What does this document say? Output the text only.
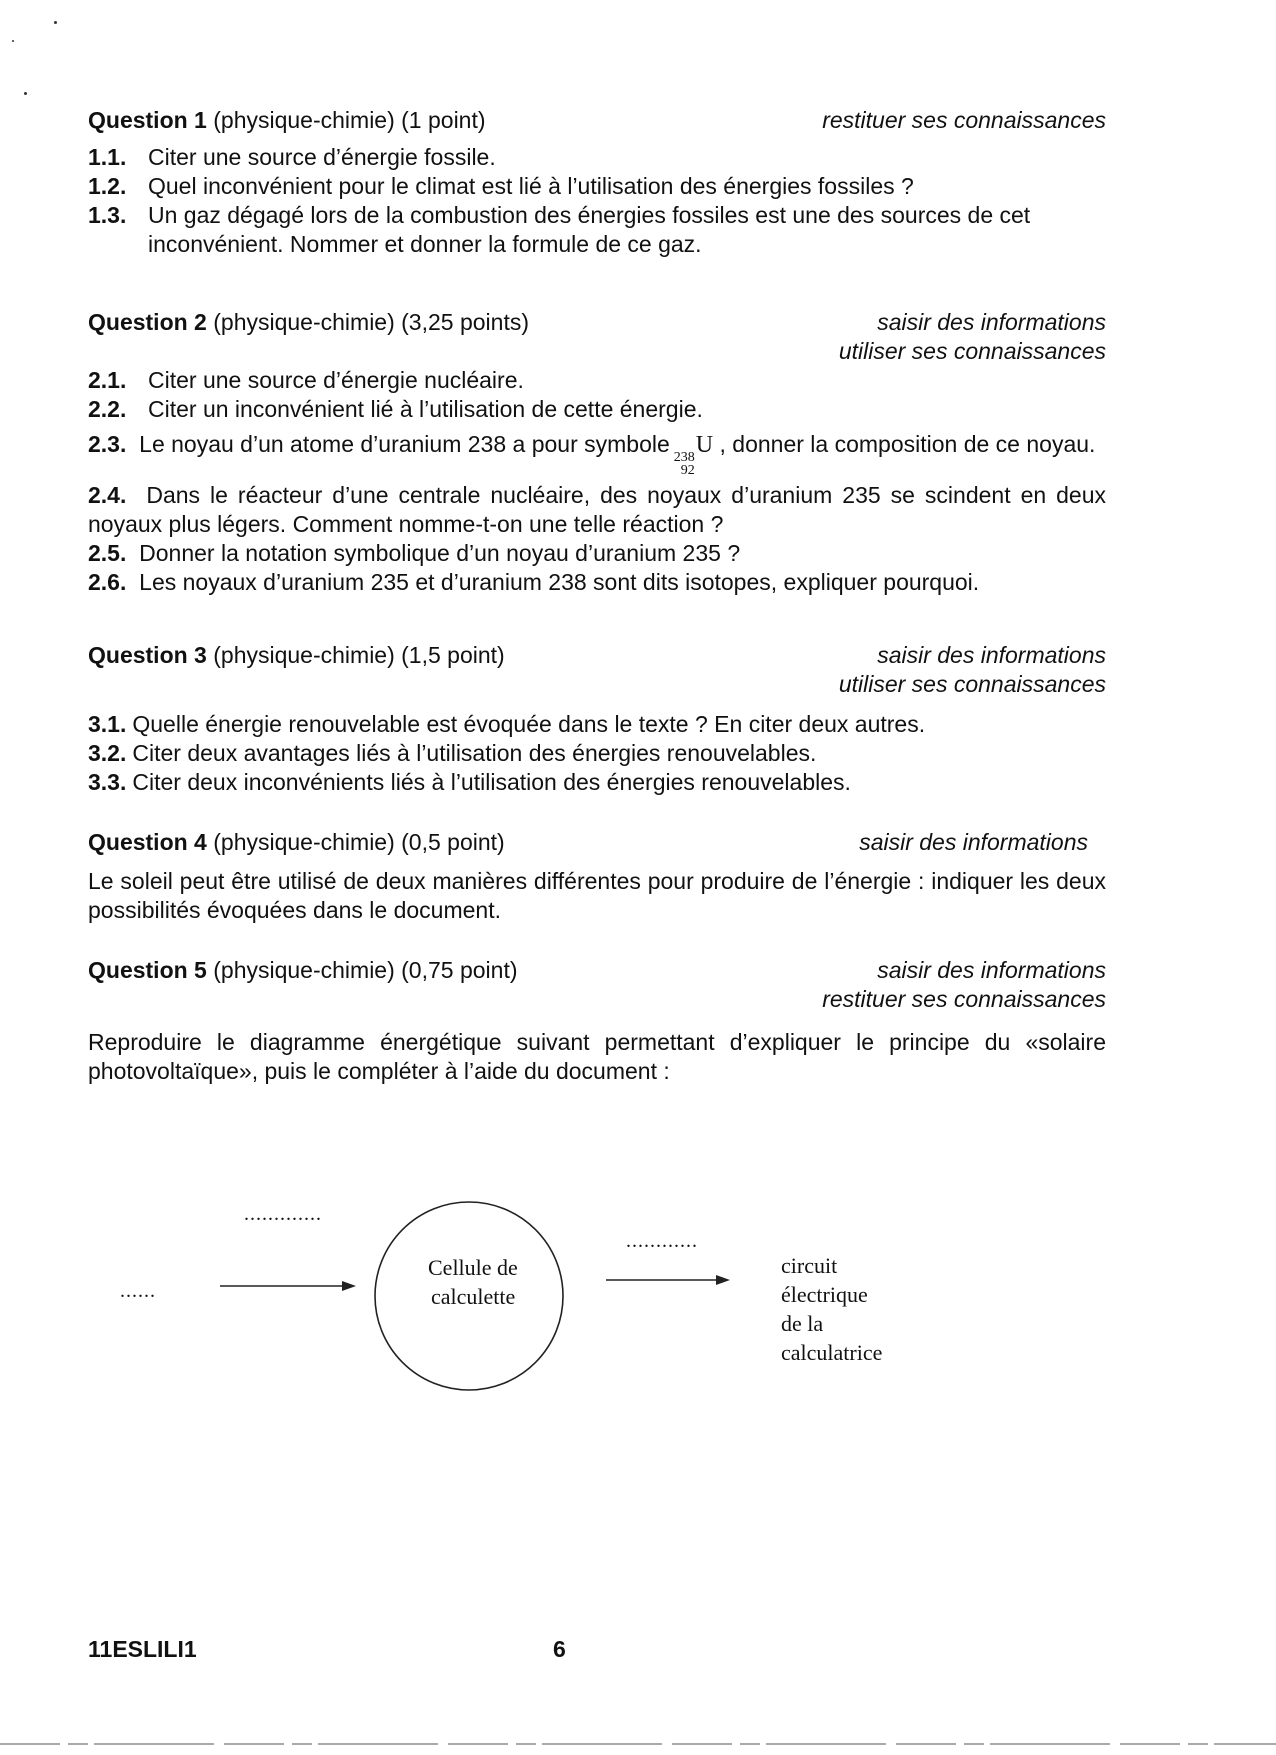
Question 1 (physique-chimie) (1 point)	restituer ses connaissances
1.1. Citer une source d’énergie fossile.
1.2. Quel inconvénient pour le climat est lié à l’utilisation des énergies fossiles ?
1.3. Un gaz dégagé lors de la combustion des énergies fossiles est une des sources de cet inconvénient. Nommer et donner la formule de ce gaz.
Question 2 (physique-chimie) (3,25 points)	saisir des informations
utiliser ses connaissances
2.1. Citer une source d’énergie nucléaire.
2.2. Citer un inconvénient lié à l’utilisation de cette énergie.
2.3. Le noyau d’un atome d’uranium 238 a pour symbole
238
92
U , donner la composition de ce noyau.
2.4. Dans le réacteur d’une centrale nucléaire, des noyaux d’uranium 235 se scindent en deux noyaux plus légers. Comment nomme-t-on une telle réaction ?
2.5. Donner la notation symbolique d’un noyau d’uranium 235 ?
2.6. Les noyaux d’uranium 235 et d’uranium 238 sont dits isotopes, expliquer pourquoi.
Question 3 (physique-chimie) (1,5 point)	saisir des informations
utiliser ses connaissances
3.1. Quelle énergie renouvelable est évoquée dans le texte ? En citer deux autres.
3.2. Citer deux avantages liés à l’utilisation des énergies renouvelables.
3.3. Citer deux inconvénients liés à l’utilisation des énergies renouvelables.
Question 4 (physique-chimie) (0,5 point)	saisir des informations
Le soleil peut être utilisé de deux manières différentes pour produire de l’énergie : indiquer les deux possibilités évoquées dans le document.
Question 5 (physique-chimie) (0,75 point)	saisir des informations
restituer ses connaissances
Reproduire le diagramme énergétique suivant permettant d’expliquer le principe du «solaire photovoltaïque», puis le compléter à l’aide du document :
......
.............
Cellule de
calculette
............
circuit
électrique
de la
calculatrice
11ESLILI1	6
